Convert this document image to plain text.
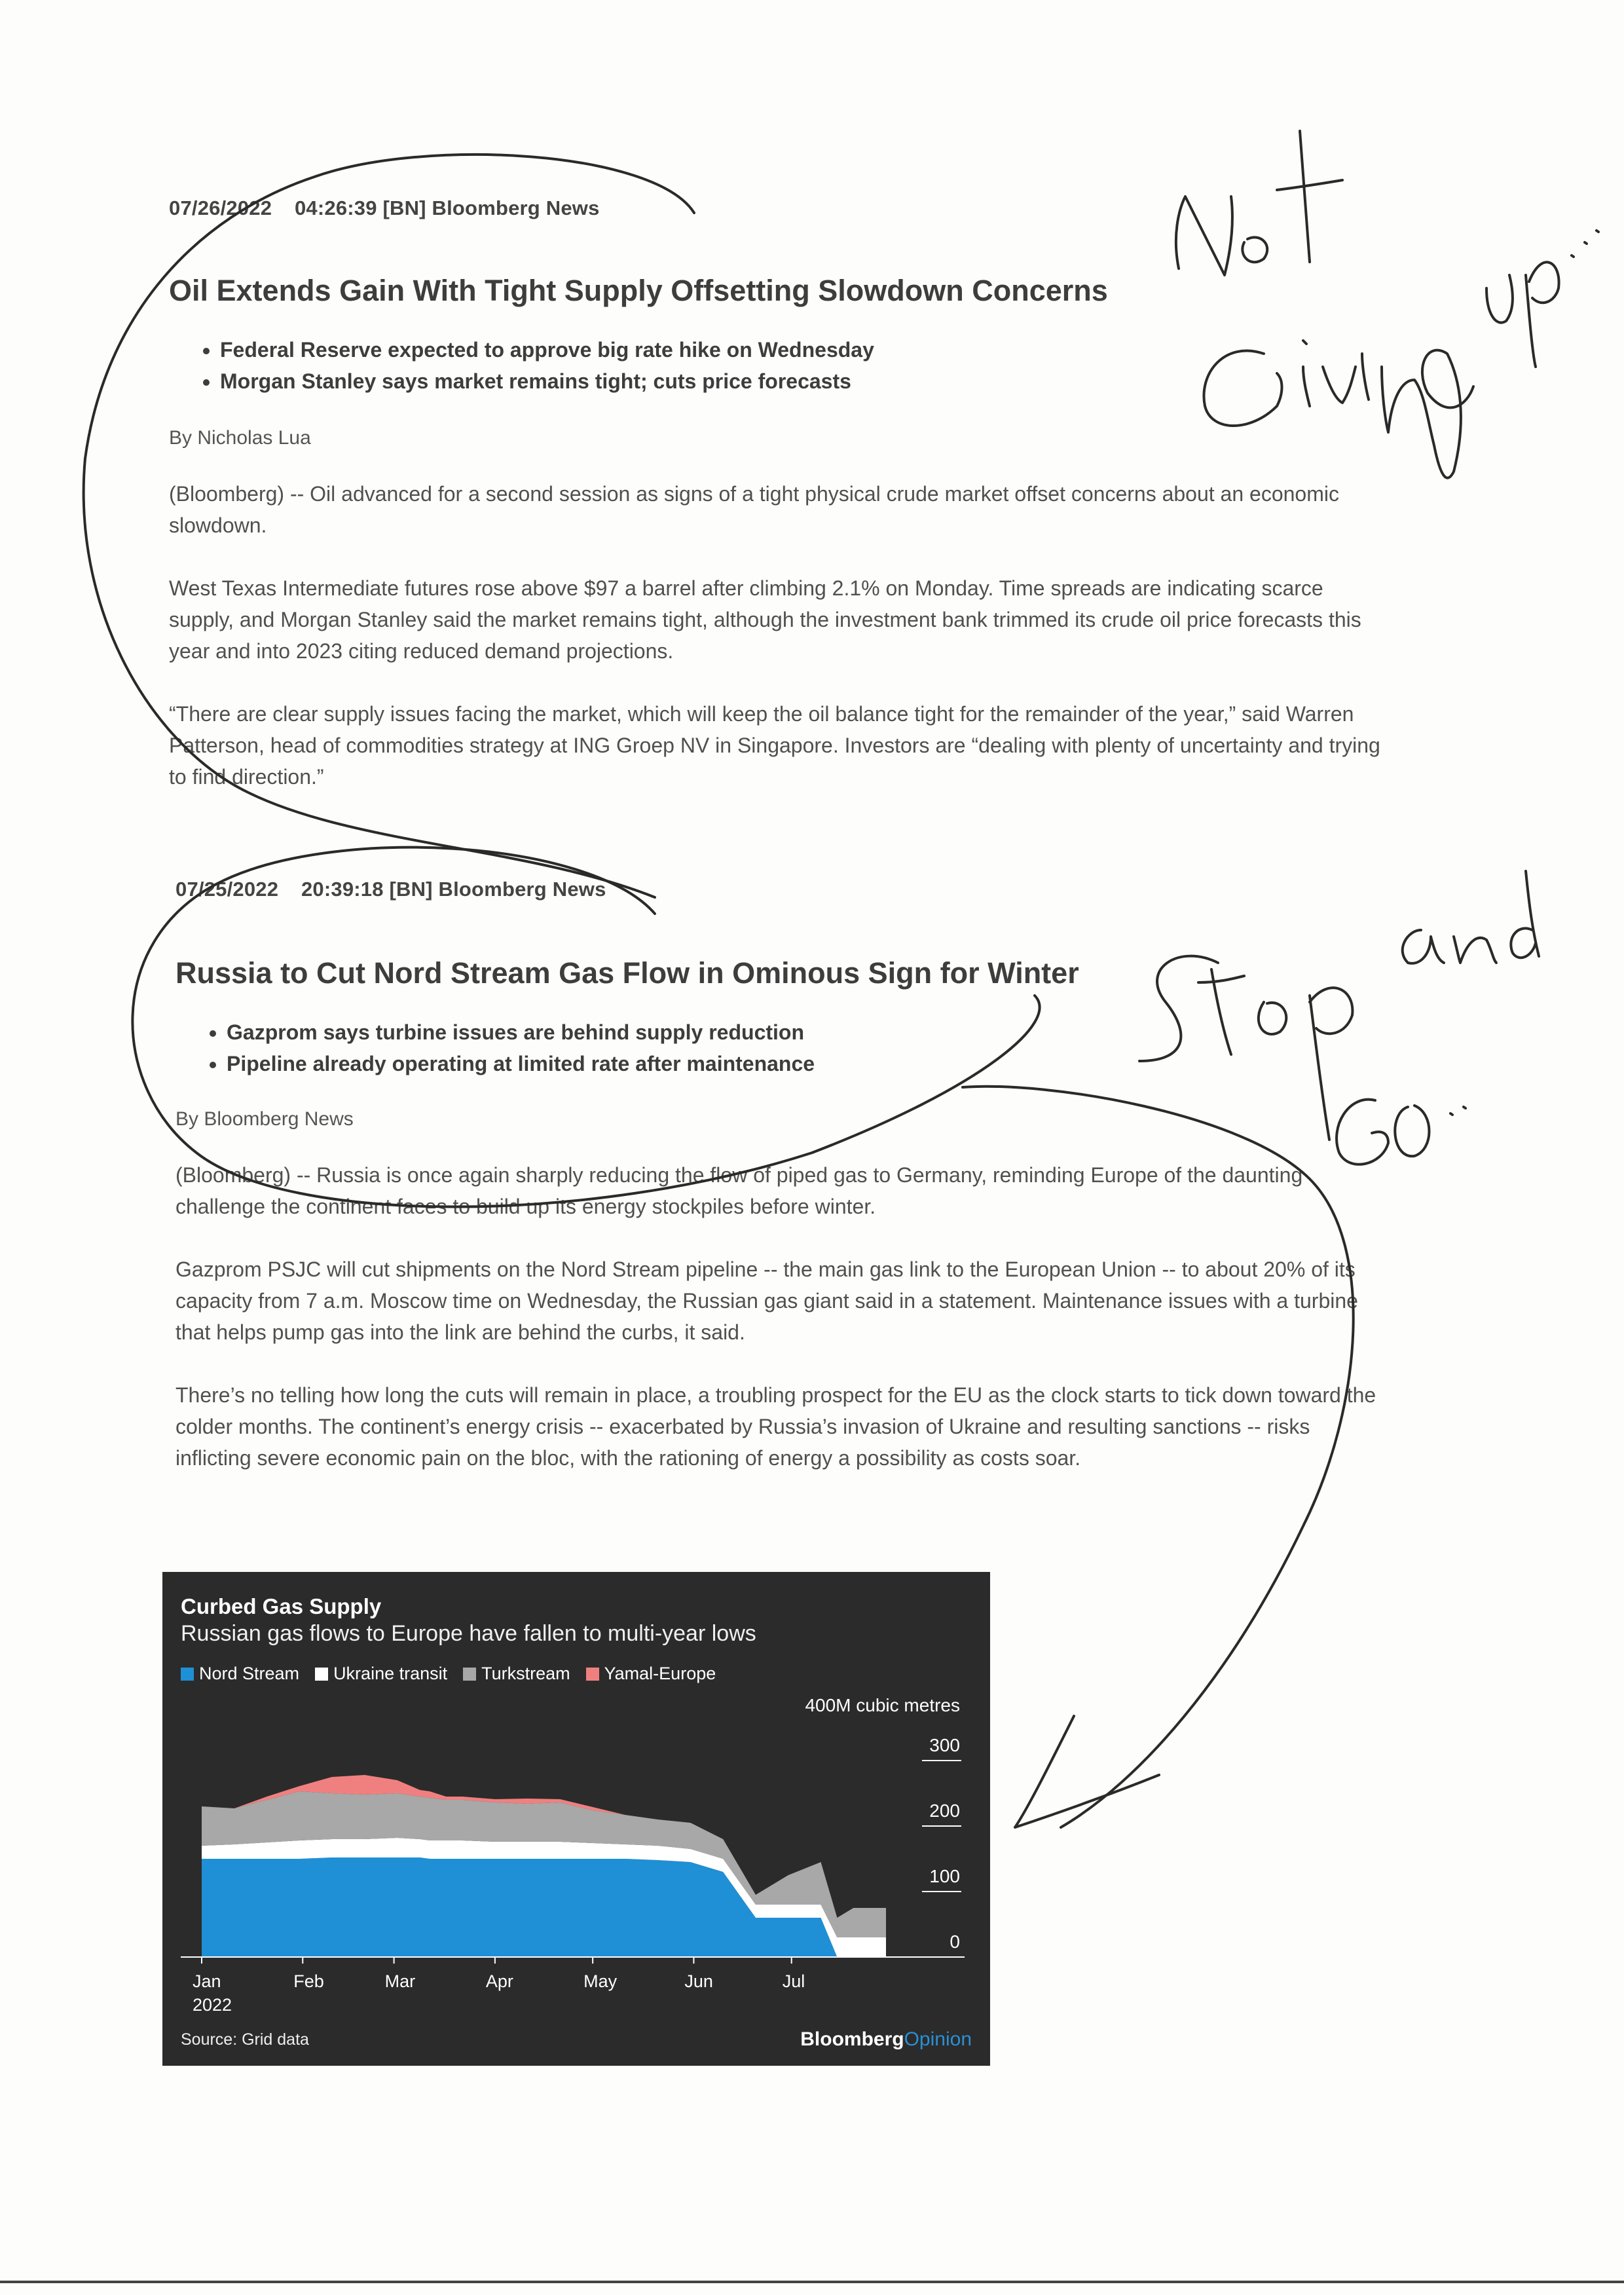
07/26/2022 04:26:39 [BN] Bloomberg News
Oil Extends Gain With Tight Supply Offsetting Slowdown Concerns
• Federal Reserve expected to approve big rate hike on Wednesday
• Morgan Stanley says market remains tight; cuts price forecasts
By Nicholas Lua

(Bloomberg) -- Oil advanced for a second session as signs of a tight physical crude market offset concerns about an economic slowdown.

West Texas Intermediate futures rose above $97 a barrel after climbing 2.1% on Monday. Time spreads are indicating scarce supply, and Morgan Stanley said the market remains tight, although the investment bank trimmed its crude oil price forecasts this year and into 2023 citing reduced demand projections.

“There are clear supply issues facing the market, which will keep the oil balance tight for the remainder of the year,” said Warren Patterson, head of commodities strategy at ING Groep NV in Singapore. Investors are “dealing with plenty of uncertainty and trying to find direction.”

07/25/2022 20:39:18 [BN] Bloomberg News
Russia to Cut Nord Stream Gas Flow in Ominous Sign for Winter
• Gazprom says turbine issues are behind supply reduction
• Pipeline already operating at limited rate after maintenance
By Bloomberg News

(Bloomberg) -- Russia is once again sharply reducing the flow of piped gas to Germany, reminding Europe of the daunting challenge the continent faces to build up its energy stockpiles before winter.

Gazprom PSJC will cut shipments on the Nord Stream pipeline -- the main gas link to the European Union -- to about 20% of its capacity from 7 a.m. Moscow time on Wednesday, the Russian gas giant said in a statement. Maintenance issues with a turbine that helps pump gas into the link are behind the curbs, it said.

There’s no telling how long the cuts will remain in place, a troubling prospect for the EU as the clock starts to tick down toward the colder months. The continent’s energy crisis -- exacerbated by Russia’s invasion of Ukraine and resulting sanctions -- risks inflicting severe economic pain on the bloc, with the rationing of energy a possibility as costs soar.

0
100
200
300
Jan	Feb	Mar	Apr	May	Jun	Jul
2022
Curbed Gas Supply
Russian gas flows to Europe have fallen to multi-year lows
Nord Stream Ukraine transit Turkstream Yamal-Europe
400M cubic metres
Source: Grid data	BloombergOpinion
